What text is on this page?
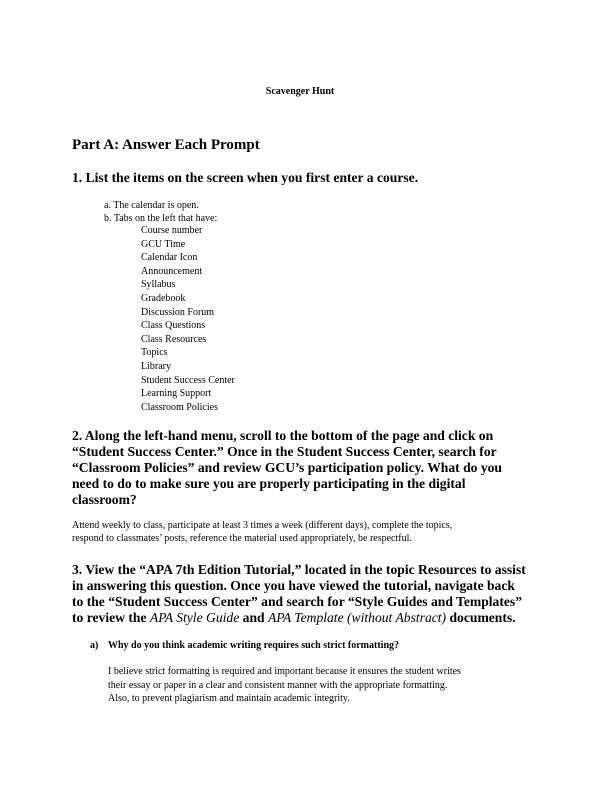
Scavenger Hunt
Part A: Answer Each Prompt
1. List the items on the screen when you first enter a course.
a. The calendar is open.
b. Tabs on the left that have:
Course number
GCU Time
Calendar Icon
Announcement
Syllabus
Gradebook
Discussion Forum
Class Questions
Class Resources
Topics
Library
Student Success Center
Learning Support
Classroom Policies
2. Along the left-hand menu, scroll to the bottom of the page and click on
“Student Success Center.” Once in the Student Success Center, search for
“Classroom Policies” and review GCU’s participation policy. What do you
need to do to make sure you are properly participating in the digital
classroom?
Attend weekly to class, participate at least 3 times a week (different days), complete the topics,
respond to classmates’ posts, reference the material used appropriately, be respectful.
3. View the “APA 7th Edition Tutorial,” located in the topic Resources to assist
in answering this question. Once you have viewed the tutorial, navigate back
to the “Student Success Center” and search for “Style Guides and Templates”
to review the APA Style Guide and APA Template (without Abstract) documents.
a) Why do you think academic writing requires such strict formatting?
I believe strict formatting is required and important because it ensures the student writes
their essay or paper in a clear and consistent manner with the appropriate formatting.
Also, to prevent plagiarism and maintain academic integrity.
